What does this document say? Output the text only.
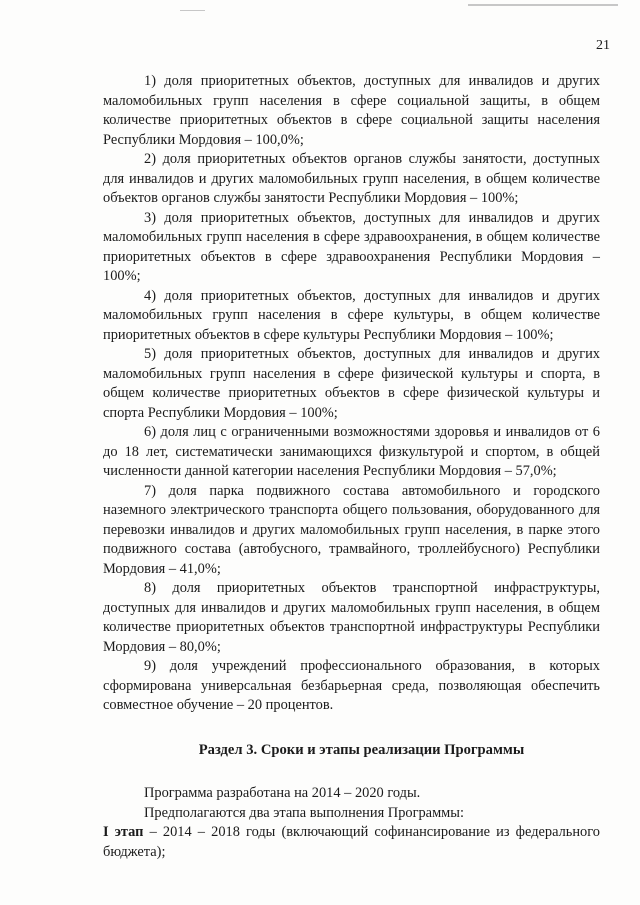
21

1) доля приоритетных объектов, доступных для инвалидов и других маломобильных групп населения в сфере социальной защиты, в общем количестве приоритетных объектов в сфере социальной защиты населения Республики Мордовия – 100,0%;

2) доля приоритетных объектов органов службы занятости, доступных для инвалидов и других маломобильных групп населения, в общем количестве объектов органов службы занятости Республики Мордовия – 100%;

3) доля приоритетных объектов, доступных для инвалидов и других маломобильных групп населения в сфере здравоохранения, в общем количестве приоритетных объектов в сфере здравоохранения Республики Мордовия – 100%;

4) доля приоритетных объектов, доступных для инвалидов и других маломобильных групп населения в сфере культуры, в общем количестве приоритетных объектов в сфере культуры Республики Мордовия – 100%;

5) доля приоритетных объектов, доступных для инвалидов и других маломобильных групп населения в сфере физической культуры и спорта, в общем количестве приоритетных объектов в сфере физической культуры и спорта Республики Мордовия – 100%;

6) доля лиц с ограниченными возможностями здоровья и инвалидов от 6 до 18 лет, систематически занимающихся физкультурой и спортом, в общей численности данной категории населения Республики Мордовия – 57,0%;

7) доля парка подвижного состава автомобильного и городского наземного электрического транспорта общего пользования, оборудованного для перевозки инвалидов и других маломобильных групп населения, в парке этого подвижного состава (автобусного, трамвайного, троллейбусного) Республики Мордовия – 41,0%;

8) доля приоритетных объектов транспортной инфраструктуры, доступных для инвалидов и других маломобильных групп населения, в общем количестве приоритетных объектов транспортной инфраструктуры Республики Мордовия – 80,0%;

9) доля учреждений профессионального образования, в которых сформирована универсальная безбарьерная среда, позволяющая обеспечить совместное обучение – 20 процентов.

Раздел 3. Сроки и этапы реализации Программы

Программа разработана на 2014 – 2020 годы.

Предполагаются два этапа выполнения Программы:

I этап – 2014 – 2018 годы (включающий софинансирование из федерального бюджета);
